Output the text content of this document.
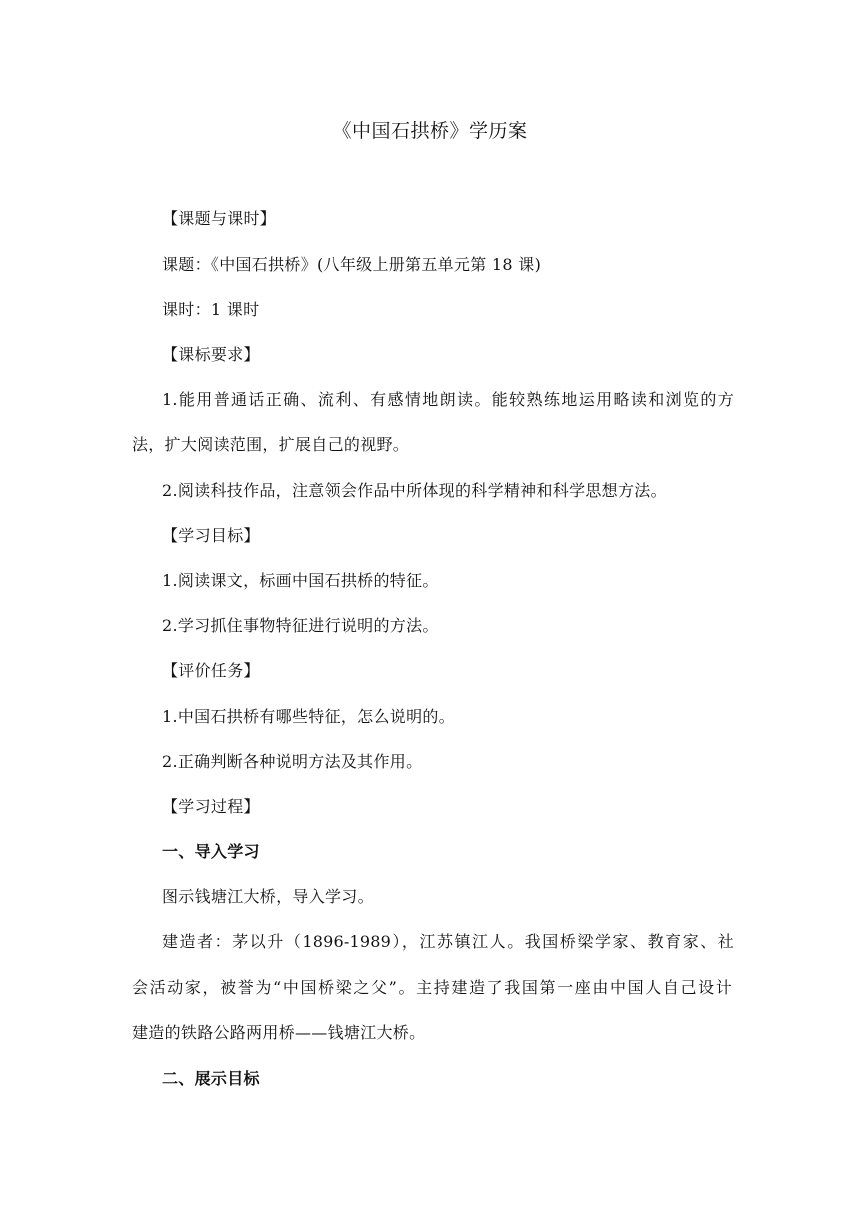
《中国石拱桥》学历案
【课题与课时】
课题：《中国石拱桥》(八年级上册第五单元第 18 课)
课时：1 课时
【课标要求】
1.能用普通话正确、流利、有感情地朗读。能较熟练地运用略读和浏览的方
法，扩大阅读范围，扩展自己的视野。
2.阅读科技作品，注意领会作品中所体现的科学精神和科学思想方法。
【学习目标】
1.阅读课文，标画中国石拱桥的特征。
2.学习抓住事物特征进行说明的方法。
【评价任务】
1.中国石拱桥有哪些特征，怎么说明的。
2.正确判断各种说明方法及其作用。
【学习过程】
一、导入学习
图示钱塘江大桥，导入学习。
建造者：茅以升（1896-1989），江苏镇江人。我国桥梁学家、教育家、社
会活动家，被誉为“中国桥梁之父”。主持建造了我国第一座由中国人自己设计
建造的铁路公路两用桥——钱塘江大桥。
二、展示目标
